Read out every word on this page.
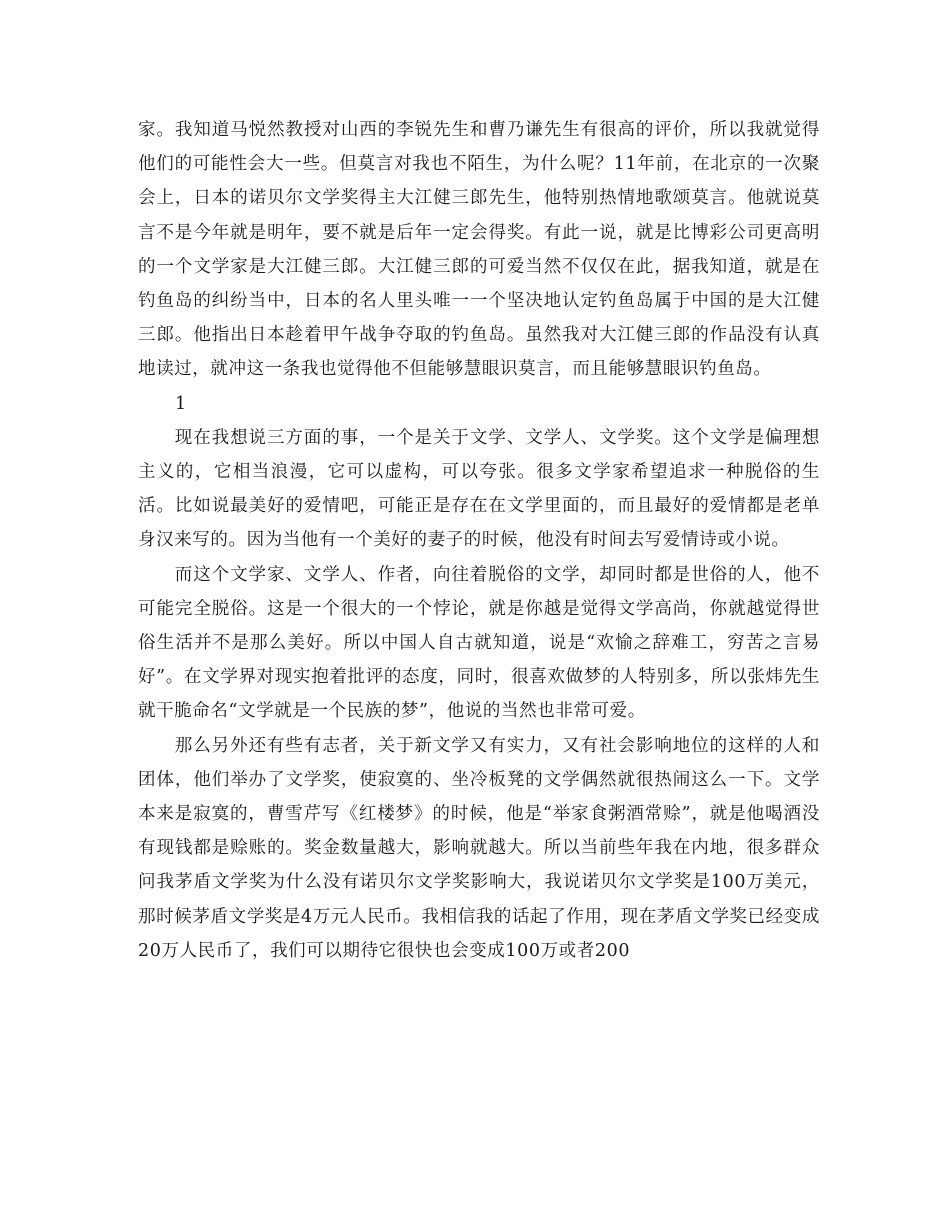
家。我知道马悦然教授对山西的李锐先生和曹乃谦先生有很高的评价，所以我就觉得他们的可能性会大一些。但莫言对我也不陌生，为什么呢？11年前，在北京的一次聚会上，日本的诺贝尔文学奖得主大江健三郎先生，他特别热情地歌颂莫言。他就说莫言不是今年就是明年，要不就是后年一定会得奖。有此一说，就是比博彩公司更高明的一个文学家是大江健三郎。大江健三郎的可爱当然不仅仅在此，据我知道，就是在钓鱼岛的纠纷当中，日本的名人里头唯一一个坚决地认定钓鱼岛属于中国的是大江健三郎。他指出日本趁着甲午战争夺取的钓鱼岛。虽然我对大江健三郎的作品没有认真地读过，就冲这一条我也觉得他不但能够慧眼识莫言，而且能够慧眼识钓鱼岛。

1

现在我想说三方面的事，一个是关于文学、文学人、文学奖。这个文学是偏理想主义的，它相当浪漫，它可以虚构，可以夸张。很多文学家希望追求一种脱俗的生活。比如说最美好的爱情吧，可能正是存在在文学里面的，而且最好的爱情都是老单身汉来写的。因为当他有一个美好的妻子的时候，他没有时间去写爱情诗或小说。

而这个文学家、文学人、作者，向往着脱俗的文学，却同时都是世俗的人，他不可能完全脱俗。这是一个很大的一个悖论，就是你越是觉得文学高尚，你就越觉得世俗生活并不是那么美好。所以中国人自古就知道，说是“欢愉之辞难工，穷苦之言易好”。在文学界对现实抱着批评的态度，同时，很喜欢做梦的人特别多，所以张炜先生就干脆命名“文学就是一个民族的梦”，他说的当然也非常可爱。

那么另外还有些有志者，关于新文学又有实力，又有社会影响地位的这样的人和团体，他们举办了文学奖，使寂寞的、坐冷板凳的文学偶然就很热闹这么一下。文学本来是寂寞的，曹雪芹写《红楼梦》的时候，他是“举家食粥酒常赊”，就是他喝酒没有现钱都是赊账的。奖金数量越大，影响就越大。所以当前些年我在内地，很多群众问我茅盾文学奖为什么没有诺贝尔文学奖影响大，我说诺贝尔文学奖是100万美元，那时候茅盾文学奖是4万元人民币。我相信我的话起了作用，现在茅盾文学奖已经变成20万人民币了，我们可以期待它很快也会变成100万或者200
